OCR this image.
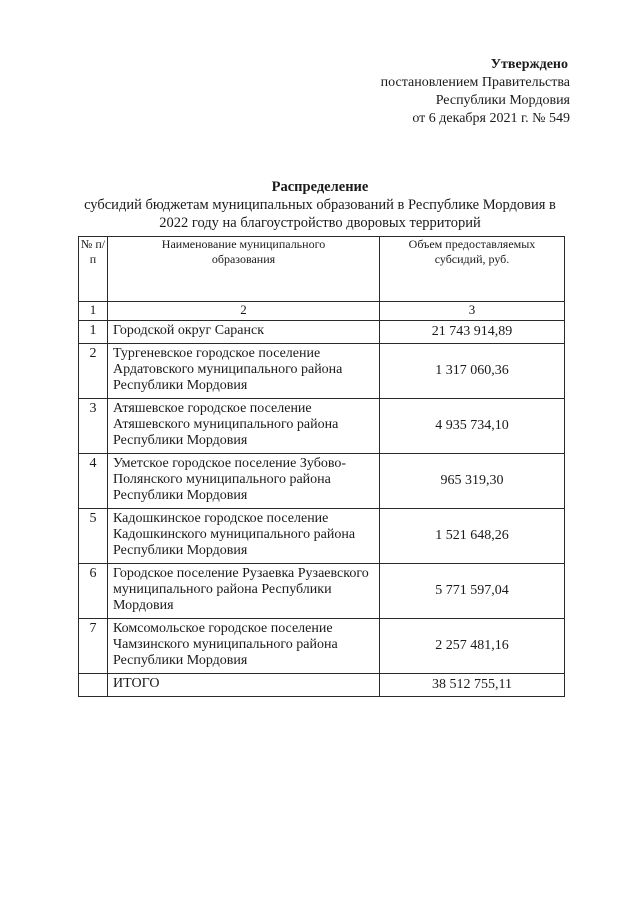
Утверждено
постановлением Правительства
Республики Мордовия
от 6 декабря 2021 г. № 549
Распределение
субсидий бюджетам муниципальных образований в Республике Мордовия в
2022 году на благоустройство дворовых территорий
№ п/п	Наименование муниципального образования	Объем предоставляемых субсидий, руб.
1	2	3
1	Городской округ Саранск	21 743 914,89
2	Тургеневское городское поселение Ардатовского муниципального района Республики Мордовия	1 317 060,36
3	Атяшевское городское поселение Атяшевского муниципального района Республики Мордовия	4 935 734,10
4	Уметское городское поселение Зубово-Полянского муниципального района Республики Мордовия	965 319,30
5	Кадошкинское городское поселение Кадошкинского муниципального района Республики Мордовия	1 521 648,26
6	Городское поселение Рузаевка Рузаевского муниципального района Республики Мордовия	5 771 597,04
7	Комсомольское городское поселение Чамзинского муниципального района Республики Мордовия	2 257 481,16
	ИТОГО	38 512 755,11
